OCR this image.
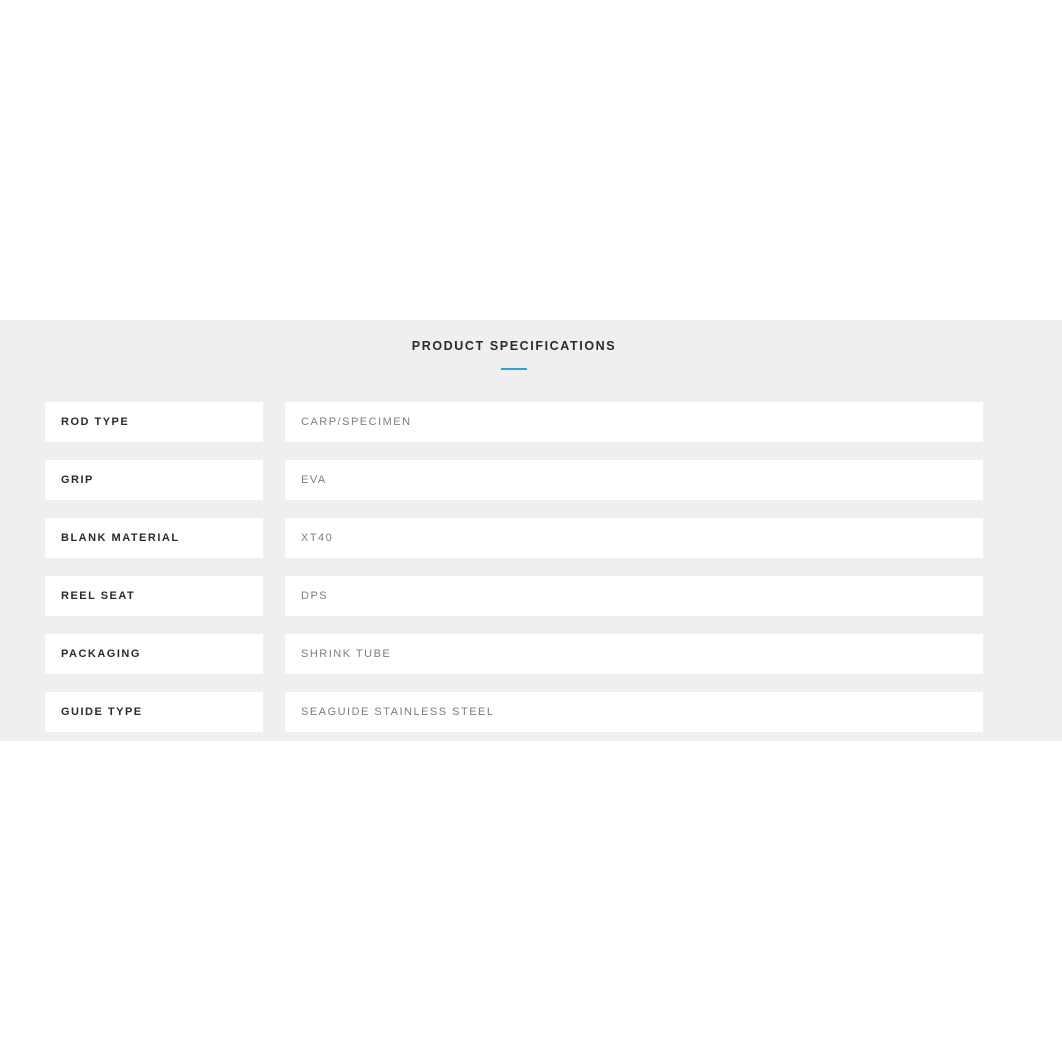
PRODUCT SPECIFICATIONS
ROD TYPE	CARP/SPECIMEN
GRIP	EVA
BLANK MATERIAL	XT40
REEL SEAT	DPS
PACKAGING	SHRINK TUBE
GUIDE TYPE	SEAGUIDE STAINLESS STEEL
